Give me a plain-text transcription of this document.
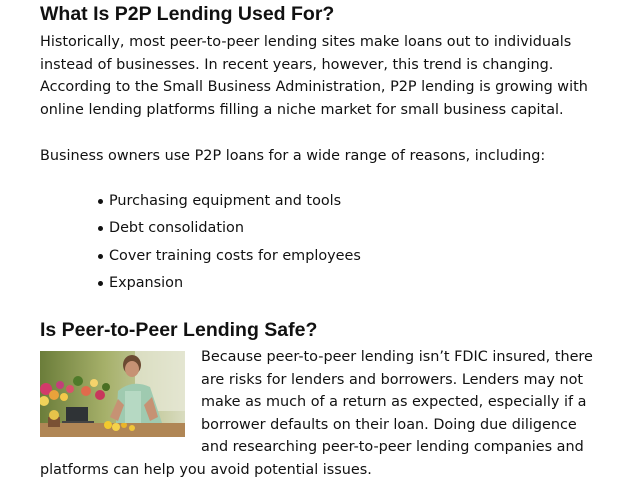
What Is P2P Lending Used For?

Historically, most peer-to-peer lending sites make loans out to individuals instead of businesses. In recent years, however, this trend is changing. According to the Small Business Administration, P2P lending is growing with online lending platforms filling a niche market for small business capital.

Business owners use P2P loans for a wide range of reasons, including:

Purchasing equipment and tools
Debt consolidation
Cover training costs for employees
Expansion
Is Peer-to-Peer Lending Safe?

Because peer-to-peer lending isn’t FDIC insured, there are risks for lenders and borrowers. Lenders may not make as much of a return as expected, especially if a borrower defaults on their loan. Doing due diligence and researching peer-to-peer lending companies and platforms can help you avoid potential issues.
